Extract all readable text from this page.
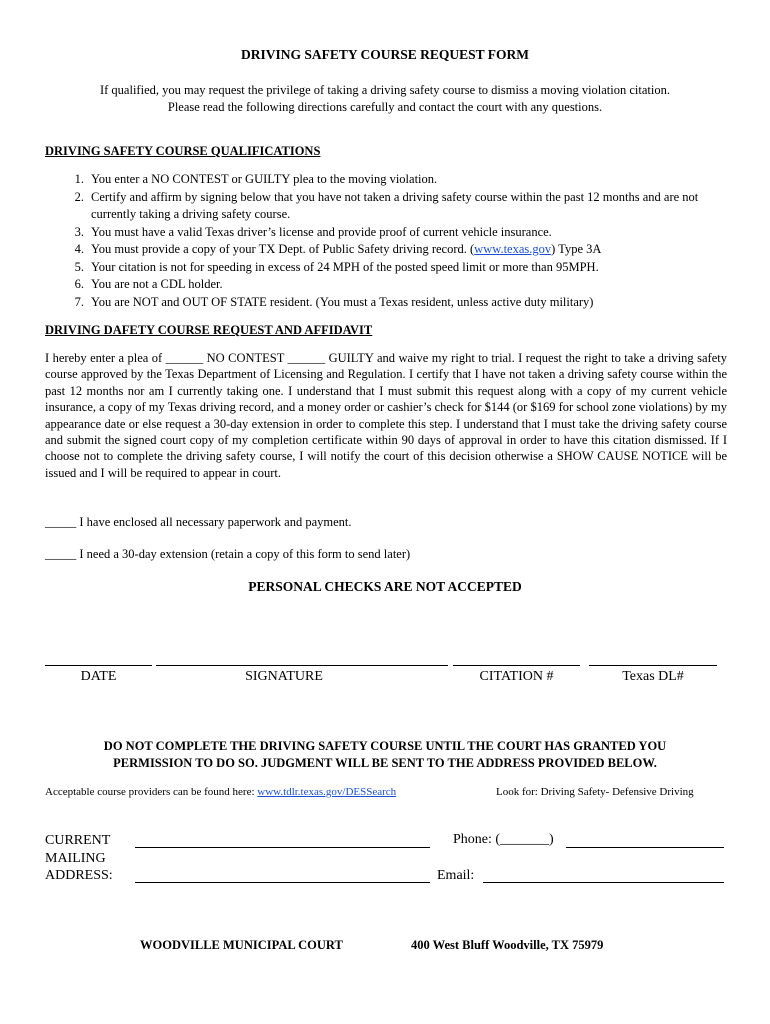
DRIVING SAFETY COURSE REQUEST FORM
If qualified, you may request the privilege of taking a driving safety course to dismiss a moving violation citation.
Please read the following directions carefully and contact the court with any questions.
DRIVING SAFETY COURSE QUALIFICATIONS
1. You enter a NO CONTEST or GUILTY plea to the moving violation.
2. Certify and affirm by signing below that you have not taken a driving safety course within the past 12 months and are not currently taking a driving safety course.
3. You must have a valid Texas driver’s license and provide proof of current vehicle insurance.
4. You must provide a copy of your TX Dept. of Public Safety driving record. (www.texas.gov) Type 3A
5. Your citation is not for speeding in excess of 24 MPH of the posted speed limit or more than 95MPH.
6. You are not a CDL holder.
7. You are NOT and OUT OF STATE resident. (You must a Texas resident, unless active duty military)
DRIVING DAFETY COURSE REQUEST AND AFFIDAVIT
I hereby enter a plea of ______ NO CONTEST ______ GUILTY and waive my right to trial. I request the right to take a driving safety course approved by the Texas Department of Licensing and Regulation. I certify that I have not taken a driving safety course within the past 12 months nor am I currently taking one. I understand that I must submit this request along with a copy of my current vehicle insurance, a copy of my Texas driving record, and a money order or cashier’s check for $144 (or $169 for school zone violations) by my appearance date or else request a 30-day extension in order to complete this step. I understand that I must take the driving safety course and submit the signed court copy of my completion certificate within 90 days of approval in order to have this citation dismissed. If I choose not to complete the driving safety course, I will notify the court of this decision otherwise a SHOW CAUSE NOTICE will be issued and I will be required to appear in court.
_____ I have enclosed all necessary paperwork and payment.
_____ I need a 30-day extension (retain a copy of this form to send later)
PERSONAL CHECKS ARE NOT ACCEPTED
DATE	SIGNATURE	CITATION #	Texas DL#
DO NOT COMPLETE THE DRIVING SAFETY COURSE UNTIL THE COURT HAS GRANTED YOU
PERMISSION TO DO SO. JUDGMENT WILL BE SENT TO THE ADDRESS PROVIDED BELOW.
Acceptable course providers can be found here: www.tdlr.texas.gov/DESSearch	Look for: Driving Safety- Defensive Driving
CURRENT
MAILING
ADDRESS:
Phone: (_______)
Email:
WOODVILLE MUNICIPAL COURT	400 West Bluff Woodville, TX 75979
